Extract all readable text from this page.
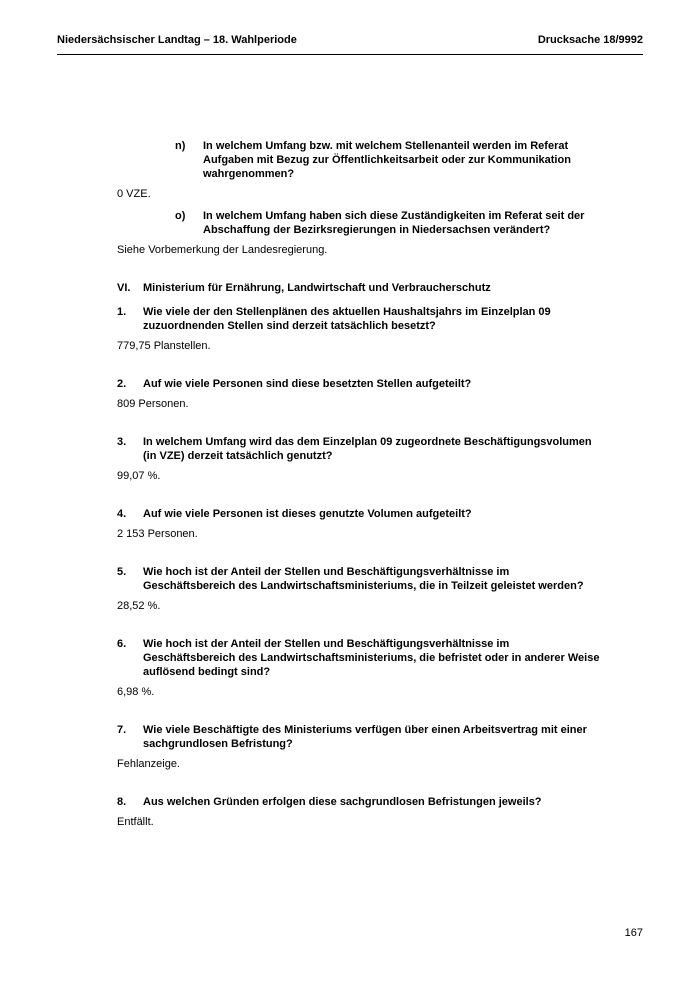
Niedersächsischer Landtag – 18. Wahlperiode	Drucksache 18/9992
n)	In welchem Umfang bzw. mit welchem Stellenanteil werden im Referat Aufgaben mit Bezug zur Öffentlichkeitsarbeit oder zur Kommunikation wahrgenommen?

0 VZE.

o)	In welchem Umfang haben sich diese Zuständigkeiten im Referat seit der Abschaffung der Bezirksregierungen in Niedersachsen verändert?

Siehe Vorbemerkung der Landesregierung.

VI.	Ministerium für Ernährung, Landwirtschaft und Verbraucherschutz
1.	Wie viele der den Stellenplänen des aktuellen Haushaltsjahrs im Einzelplan 09 zuzuordnenden Stellen sind derzeit tatsächlich besetzt?

779,75 Planstellen.

2.	Auf wie viele Personen sind diese besetzten Stellen aufgeteilt?

809 Personen.

3.	In welchem Umfang wird das dem Einzelplan 09 zugeordnete Beschäftigungsvolumen (in VZE) derzeit tatsächlich genutzt?

99,07 %.

4.	Auf wie viele Personen ist dieses genutzte Volumen aufgeteilt?

2 153 Personen.

5.	Wie hoch ist der Anteil der Stellen und Beschäftigungsverhältnisse im Geschäftsbereich des Landwirtschaftsministeriums, die in Teilzeit geleistet werden?

28,52 %.

6.	Wie hoch ist der Anteil der Stellen und Beschäftigungsverhältnisse im Geschäftsbereich des Landwirtschaftsministeriums, die befristet oder in anderer Weise auflösend bedingt sind?

6,98 %.

7.	Wie viele Beschäftigte des Ministeriums verfügen über einen Arbeitsvertrag mit einer sachgrundlosen Befristung?

Fehlanzeige.

8.	Aus welchen Gründen erfolgen diese sachgrundlosen Befristungen jeweils?

Entfällt.

167
